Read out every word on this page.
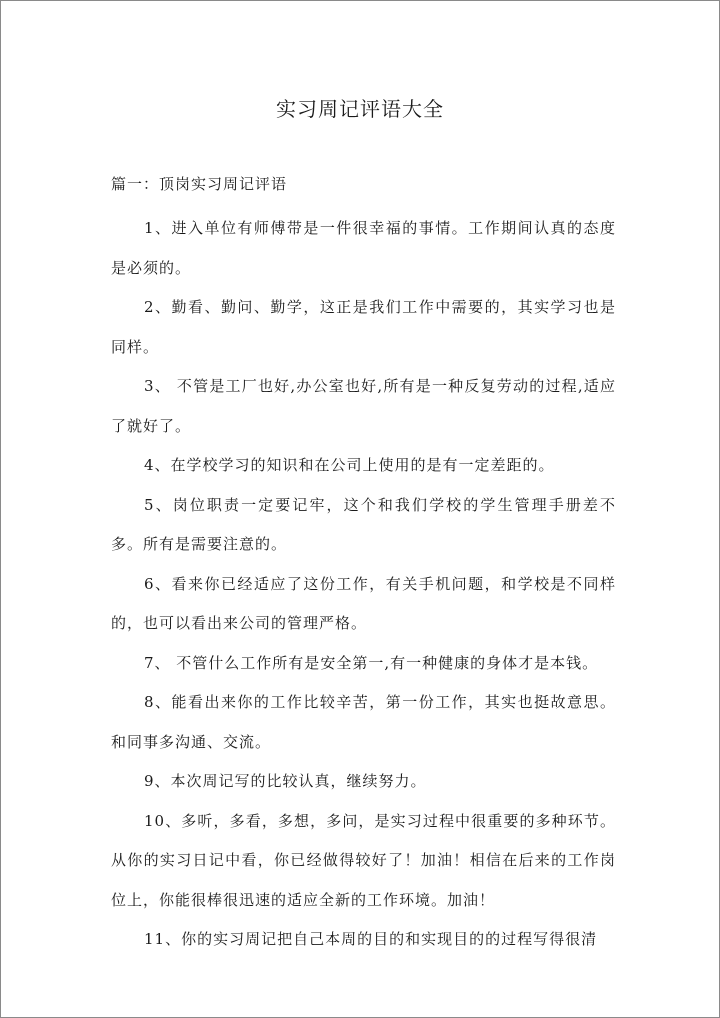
实习周记评语大全
篇一：顶岗实习周记评语

1、进入单位有师傅带是一件很幸福的事情。工作期间认真的态度是必须的。

2、勤看、勤问、勤学，这正是我们工作中需要的，其实学习也是同样。

3、 不管是工厂也好,办公室也好,所有是一种反复劳动的过程,适应了就好了。

4、在学校学习的知识和在公司上使用的是有一定差距的。

5、岗位职责一定要记牢，这个和我们学校的学生管理手册差不多。所有是需要注意的。

6、看来你已经适应了这份工作，有关手机问题，和学校是不同样的，也可以看出来公司的管理严格。

7、 不管什么工作所有是安全第一,有一种健康的身体才是本钱。

8、能看出来你的工作比较辛苦，第一份工作，其实也挺故意思。和同事多沟通、交流。

9、本次周记写的比较认真，继续努力。

10、多听，多看，多想，多问，是实习过程中很重要的多种环节。从你的实习日记中看，你已经做得较好了！加油！相信在后来的工作岗位上，你能很棒很迅速的适应全新的工作环境。加油！

11、你的实习周记把自己本周的目的和实现目的的过程写得很清
